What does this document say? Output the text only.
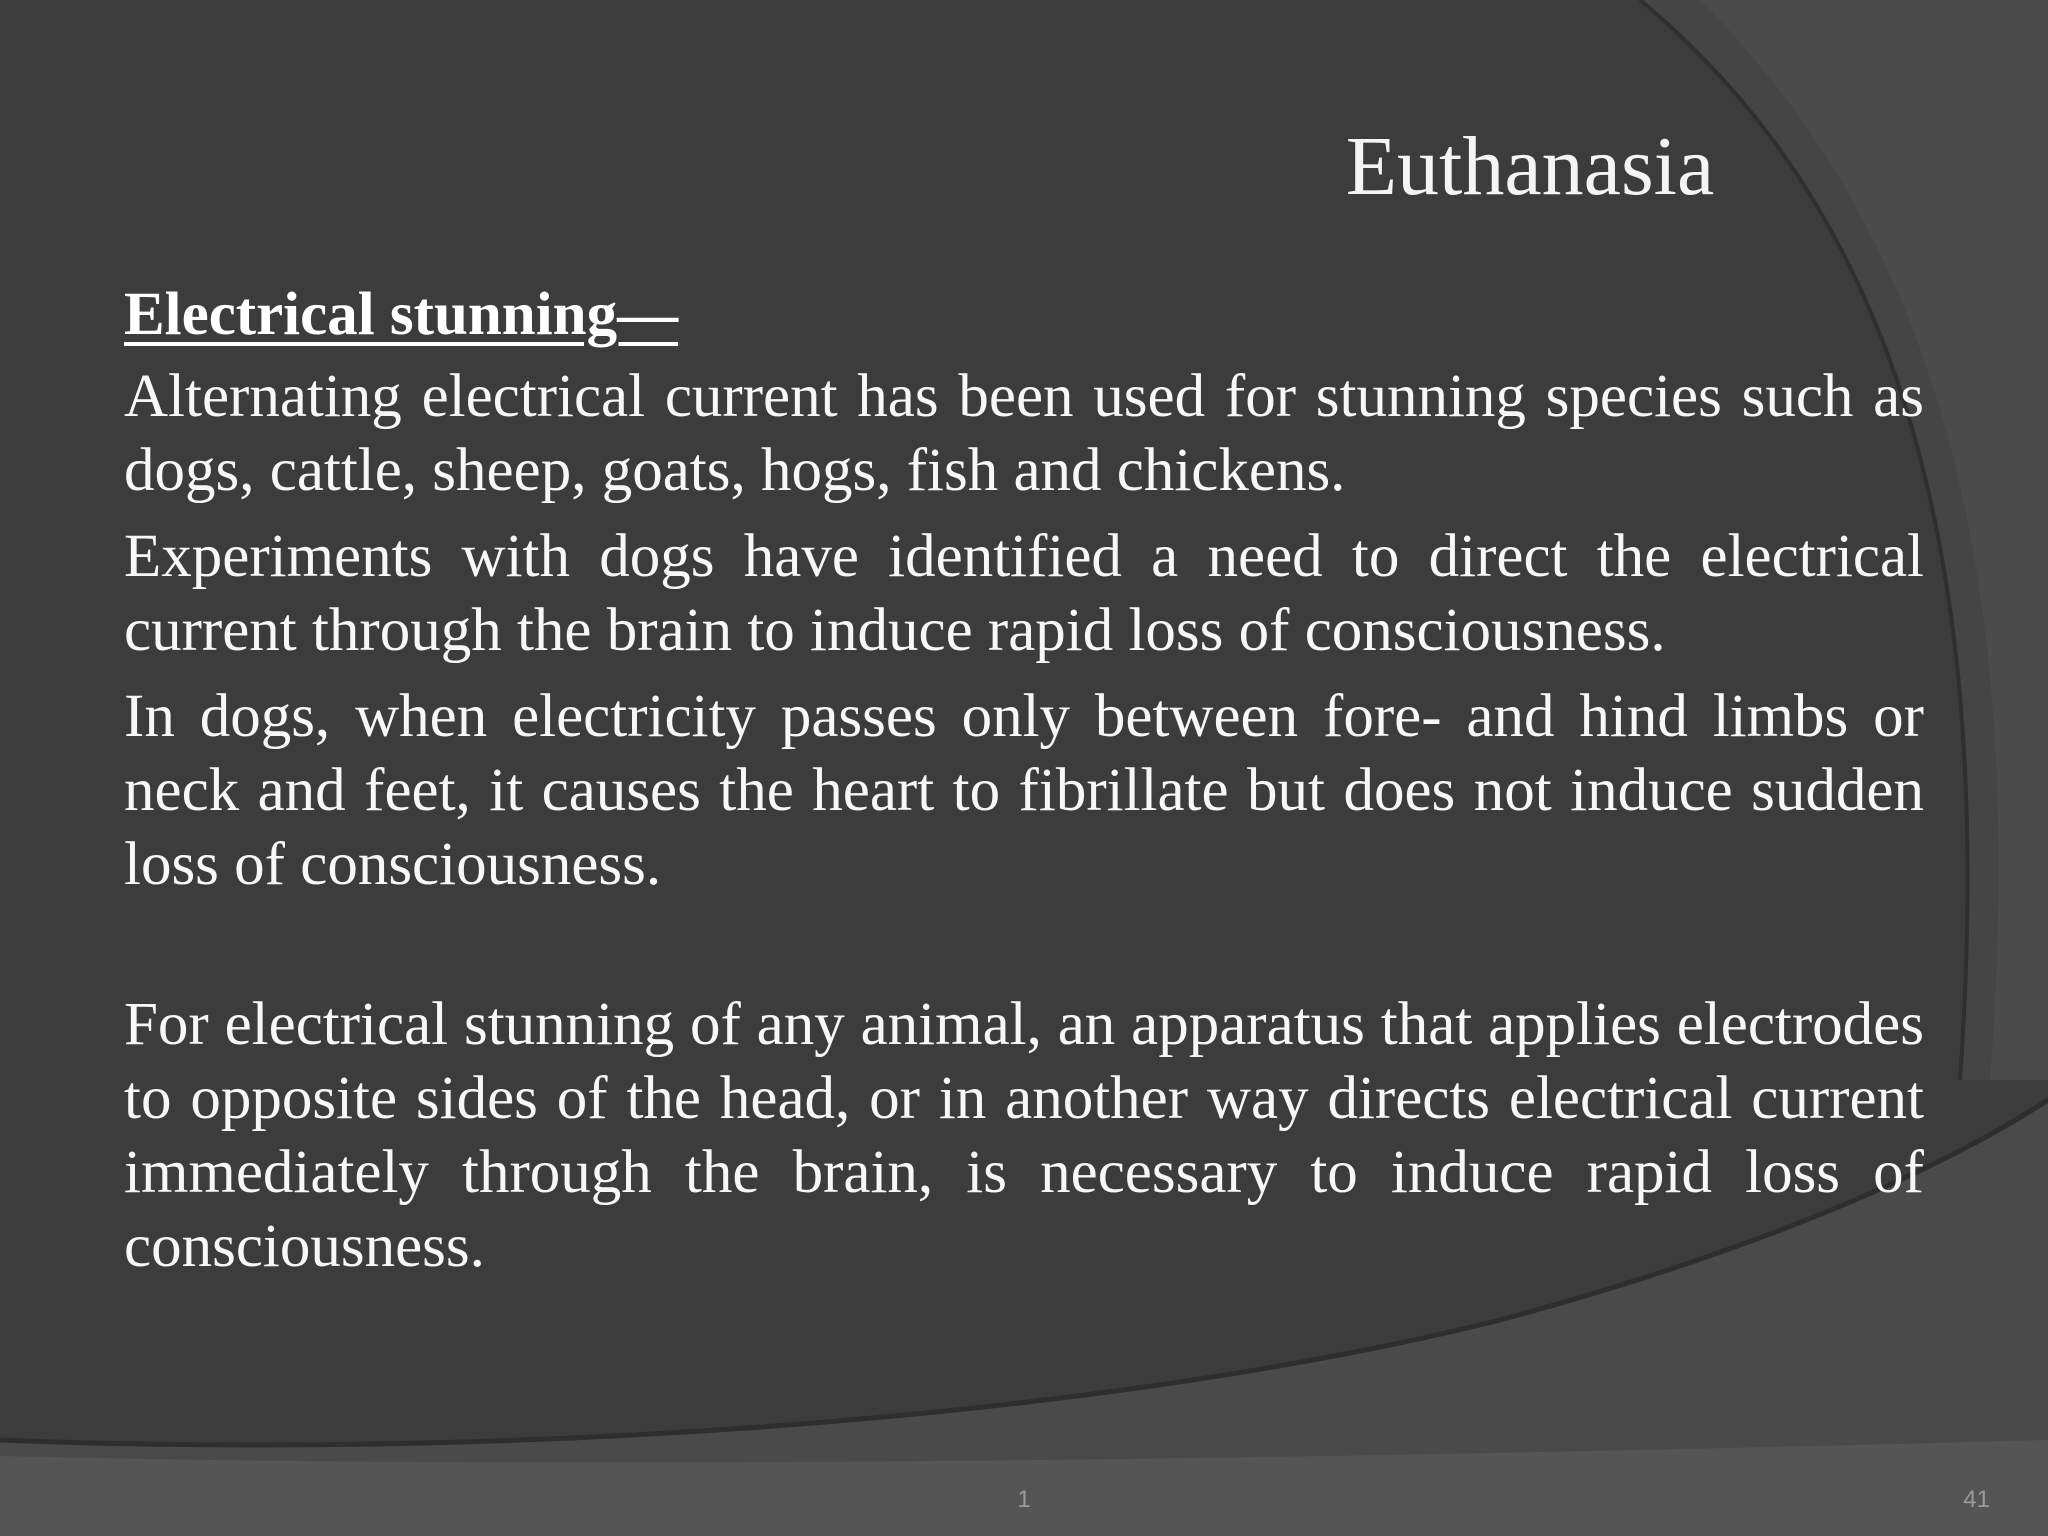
Euthanasia

Electrical stunning—

Alternating electrical current has been used for stunning species such as dogs, cattle, sheep, goats, hogs, fish and chickens.

Experiments with dogs have identified a need to direct the electrical current through the brain to induce rapid loss of consciousness.

In dogs, when electricity passes only between fore- and hind limbs or neck and feet, it causes the heart to fibrillate but does not induce sudden loss of consciousness.

For electrical stunning of any animal, an apparatus that applies electrodes to opposite sides of the head, or in another way directs electrical current immediately through the brain, is necessary to induce rapid loss of consciousness.

1	41
